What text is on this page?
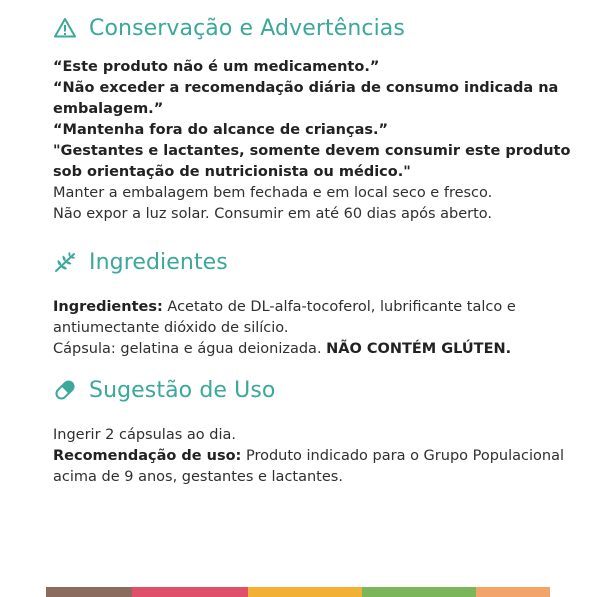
Conservação e Advertências

“Este produto não é um medicamento.”

“Não exceder a recomendação diária de consumo indicada na embalagem.”

“Mantenha fora do alcance de crianças.”

"Gestantes e lactantes, somente devem consumir este produto sob orientação de nutricionista ou médico."

Manter a embalagem bem fechada e em local seco e fresco.

Não expor a luz solar. Consumir em até 60 dias após aberto.

Ingredientes

Ingredientes: Acetato de DL-alfa-tocoferol, lubrificante talco e antiumectante dióxido de silício.

Cápsula: gelatina e água deionizada. NÃO CONTÉM GLÚTEN.

Sugestão de Uso

Ingerir 2 cápsulas ao dia.

Recomendação de uso: Produto indicado para o Grupo Populacional acima de 9 anos, gestantes e lactantes.
